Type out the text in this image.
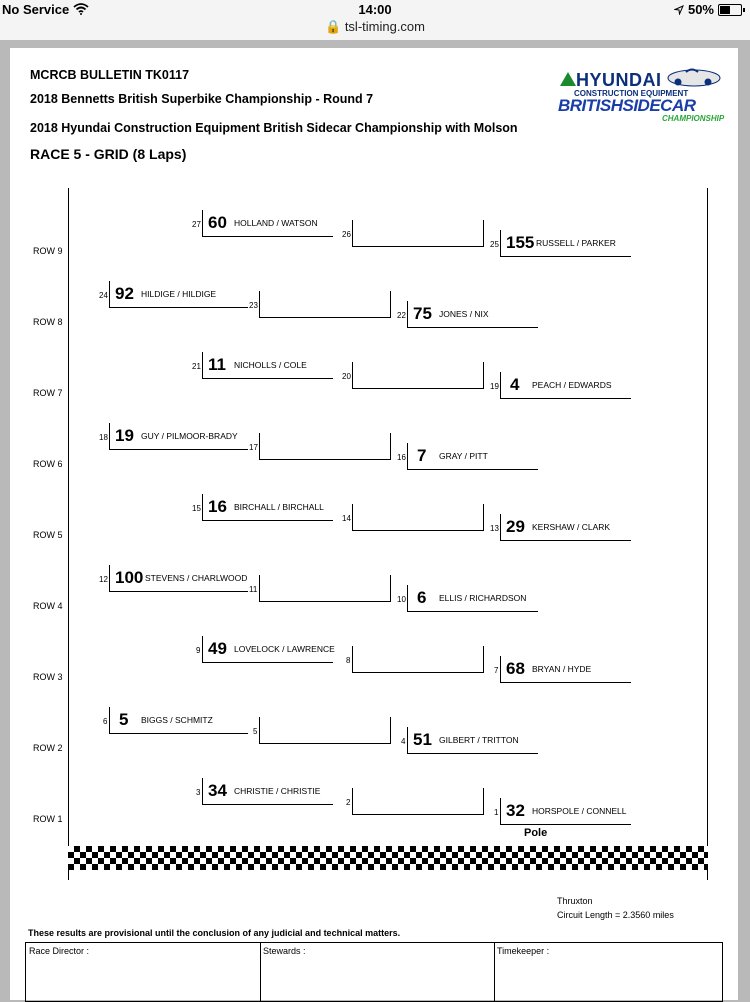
No Service	14:00
🔒 tsl-timing.com
50%
MCRCB BULLETIN TK0117
2018 Bennetts British Superbike Championship - Round 7
2018 Hyundai Construction Equipment British Sidecar Championship with Molson
RACE 5 - GRID (8 Laps)
HYUNDAI
CONSTRUCTION EQUIPMENT
BRITISHSIDECAR
CHAMPIONSHIP
ROW 9
27 60 HOLLAND / WATSON
26
25 155 RUSSELL / PARKER
ROW 8
24 92 HILDIGE / HILDIGE
23
22 75 JONES / NIX
ROW 7
21 11 NICHOLLS / COLE
20
19 4 PEACH / EDWARDS
ROW 6
18 19 GUY / PILMOOR-BRADY
17
16 7 GRAY / PITT
ROW 5
15 16 BIRCHALL / BIRCHALL
14
13 29 KERSHAW / CLARK
ROW 4
12 100 STEVENS / CHARLWOOD
11
10 6 ELLIS / RICHARDSON
ROW 3
9 49 LOVELOCK / LAWRENCE
8
7 68 BRYAN / HYDE
ROW 2
6 5 BIGGS / SCHMITZ
5
4 51 GILBERT / TRITTON
ROW 1
3 34 CHRISTIE / CHRISTIE
2
1 32 HORSPOLE / CONNELL
Pole
Thruxton
Circuit Length = 2.3560 miles
These results are provisional until the conclusion of any judicial and technical matters.
Race Director :	Stewards :	Timekeeper :
